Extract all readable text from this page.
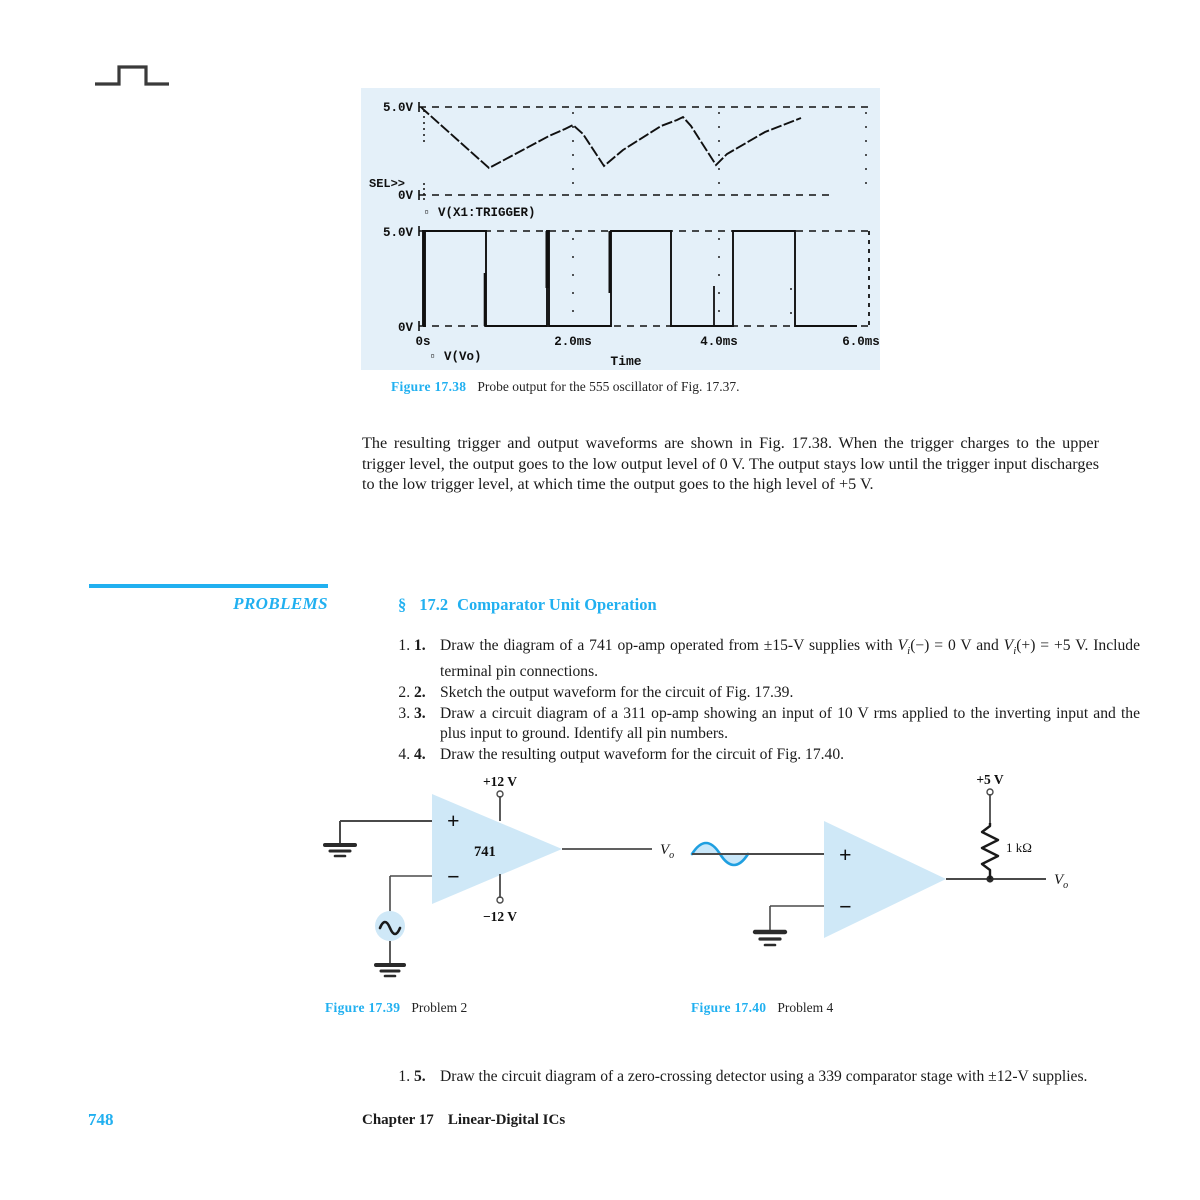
5.0V
0V
SEL>>
▫ V(X1:TRIGGER)
5.0V
0V
0s	2.0ms	4.0ms	6.0ms
▫ V(Vo)	Time
Figure 17.38 Probe output for the 555 oscillator of Fig. 17.37.
The resulting trigger and output waveforms are shown in Fig. 17.38. When the trigger charges to the upper trigger level, the output goes to the low output level of 0 V. The output stays low until the trigger input discharges to the low trigger level, at which time the output goes to the high level of +5 V.
PROBLEMS	§ 17.2 Comparator Unit Operation
1. 1. Draw the diagram of a 741 op-amp operated from ±15-V supplies with $V_i(-) = 0$ V and $V_i(+) = +5$ V. Include terminal pin connections.
2. 2. Sketch the output waveform for the circuit of Fig. 17.39.
3. 3. Draw a circuit diagram of a 311 op-amp showing an input of 10 V rms applied to the inverting input and the plus input to ground. Identify all pin numbers.
4. 4. Draw the resulting output waveform for the circuit of Fig. 17.40.
+
−
741
+12 V
−12 V
$V_o$	+
−
+5 V
1 kΩ
$V_o$
Figure 17.39 Problem 2	Figure 17.40 Problem 4
1. 5. Draw the circuit diagram of a zero-crossing detector using a 339 comparator stage with ±12-V supplies.
748	Chapter 17 Linear-Digital ICs
